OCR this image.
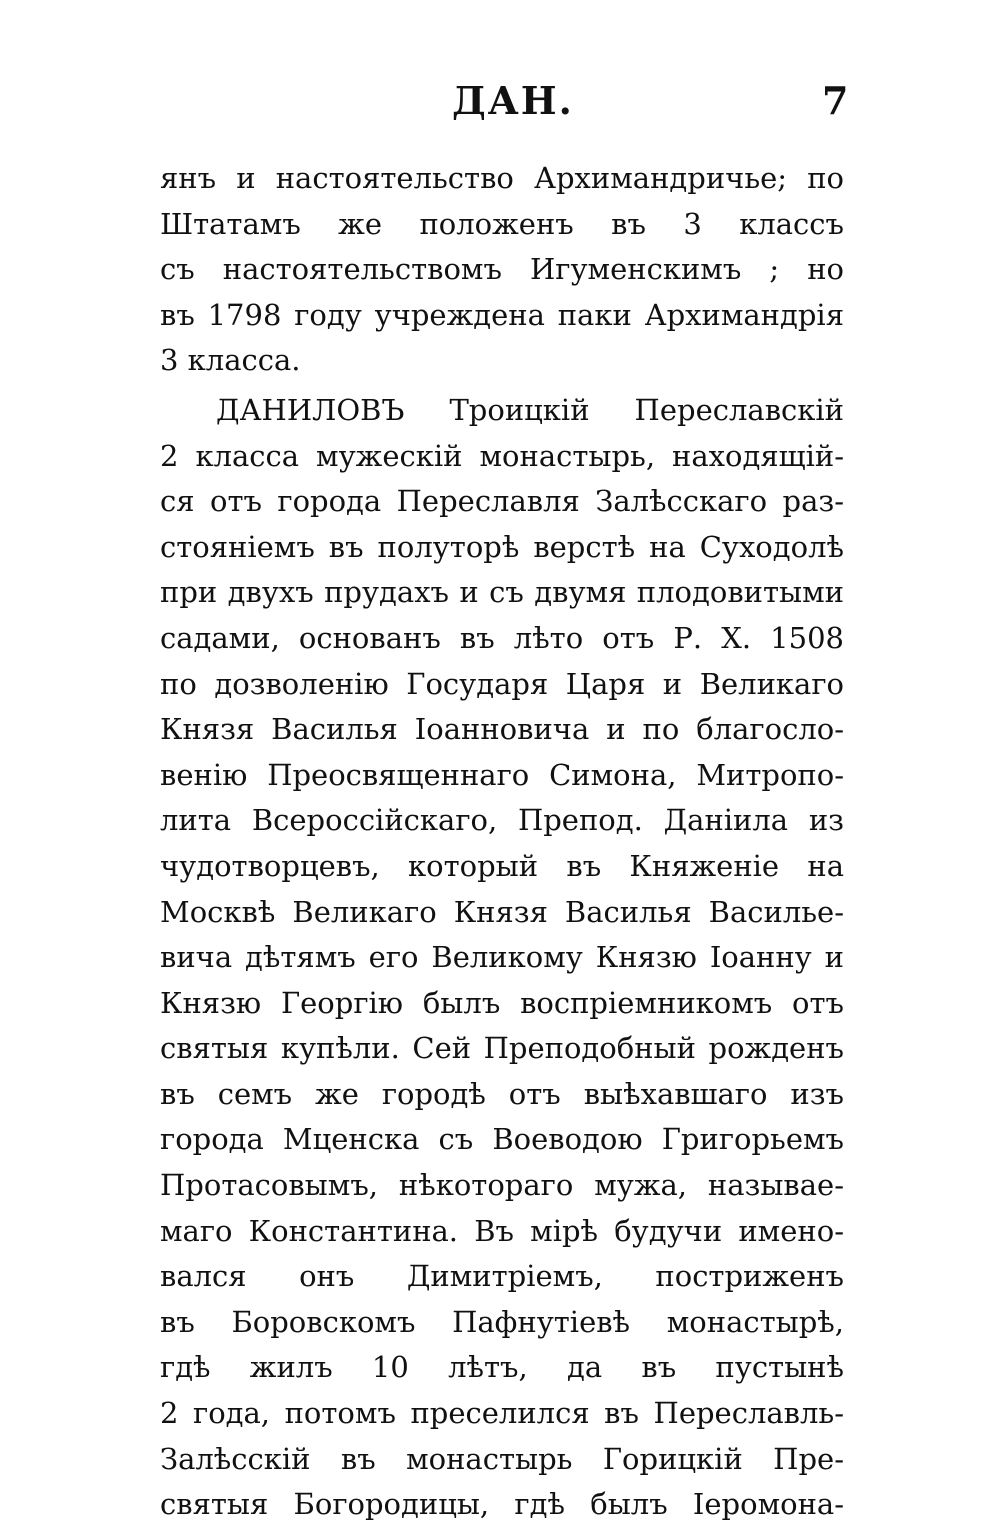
ДАН.	7
янъ и настоятельство Архимандричье; по
Штатамъ же положенъ въ 3 классъ
съ настоятельствомъ Игуменскимъ ; но
въ 1798 году учреждена паки Архимандрія
3 класса.
ДАНИЛОВЪ Троицкій Переславскій
2 класса мужескій монастырь, находящій-
ся отъ города Переславля Залѣсскаго раз-
стояніемъ въ полуторѣ верстѣ на Суходолѣ
при двухъ прудахъ и съ двумя плодовитыми
садами, основанъ въ лѣто отъ Р. Х. 1508
по дозволенію Государя Царя и Великаго
Князя Василья Іоанновича и по благосло-
венію Преосвященнаго Симона, Митропо-
лита Всероссійскаго, Препод. Даніила из
чудотворцевъ, который въ Княженіе на
Москвѣ Великаго Князя Василья Василье-
вича дѣтямъ его Великому Князю Іоанну и
Князю Георгію былъ воспріемникомъ отъ
святыя купѣли. Сей Преподобный рожденъ
въ семъ же городѣ отъ выѣхавшаго изъ
города Мценска съ Воеводою Григорьемъ
Протасовымъ, нѣкотораго мужа, называе-
маго Константина. Въ мірѣ будучи имено-
вался онъ Димитріемъ, постриженъ
въ Боровскомъ Пафнутіевѣ монастырѣ,
гдѣ жилъ 10 лѣтъ, да въ пустынѣ
2 года, потомъ преселился въ Переславль-
Залѣсскій въ монастырь Горицкій Пре-
святыя Богородицы, гдѣ былъ Іеромона-
